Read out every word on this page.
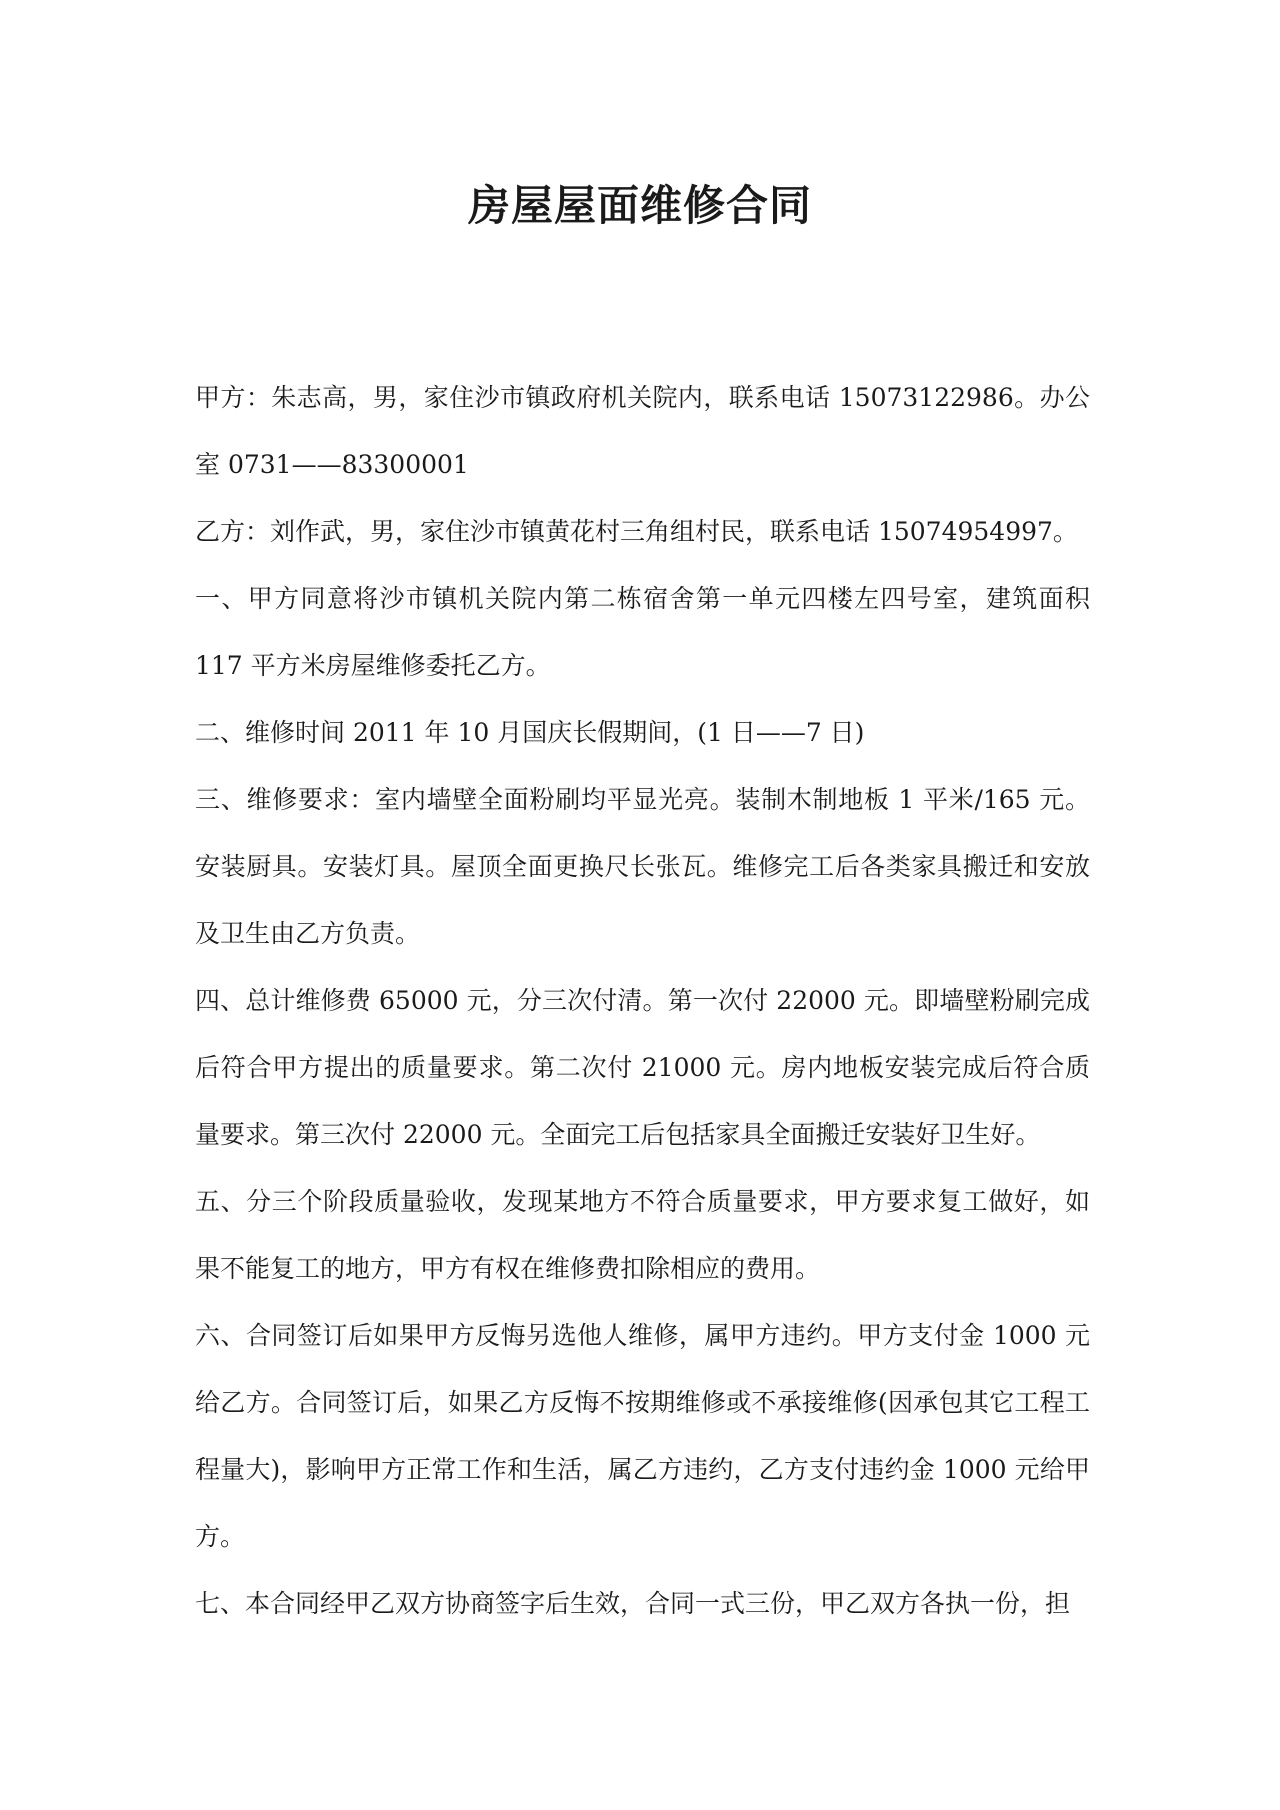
房屋屋面维修合同

甲方：朱志高，男，家住沙市镇政府机关院内，联系电话 15073122986。办公室 0731——83300001

乙方：刘作武，男，家住沙市镇黄花村三角组村民，联系电话 15074954997。

一、甲方同意将沙市镇机关院内第二栋宿舍第一单元四楼左四号室，建筑面积 117 平方米房屋维修委托乙方。

二、维修时间 2011 年 10 月国庆长假期间，(1 日——7 日)

三、维修要求：室内墙壁全面粉刷均平显光亮。装制木制地板 1 平米/165 元。安装厨具。安装灯具。屋顶全面更换尺长张瓦。维修完工后各类家具搬迁和安放及卫生由乙方负责。

四、总计维修费 65000 元，分三次付清。第一次付 22000 元。即墙壁粉刷完成后符合甲方提出的质量要求。第二次付 21000 元。房内地板安装完成后符合质量要求。第三次付 22000 元。全面完工后包括家具全面搬迁安装好卫生好。

五、分三个阶段质量验收，发现某地方不符合质量要求，甲方要求复工做好，如果不能复工的地方，甲方有权在维修费扣除相应的费用。

六、合同签订后如果甲方反悔另选他人维修，属甲方违约。甲方支付金 1000 元给乙方。合同签订后，如果乙方反悔不按期维修或不承接维修(因承包其它工程工程量大)，影响甲方正常工作和生活，属乙方违约，乙方支付违约金 1000 元给甲方。

七、本合同经甲乙双方协商签字后生效，合同一式三份，甲乙双方各执一份，担
